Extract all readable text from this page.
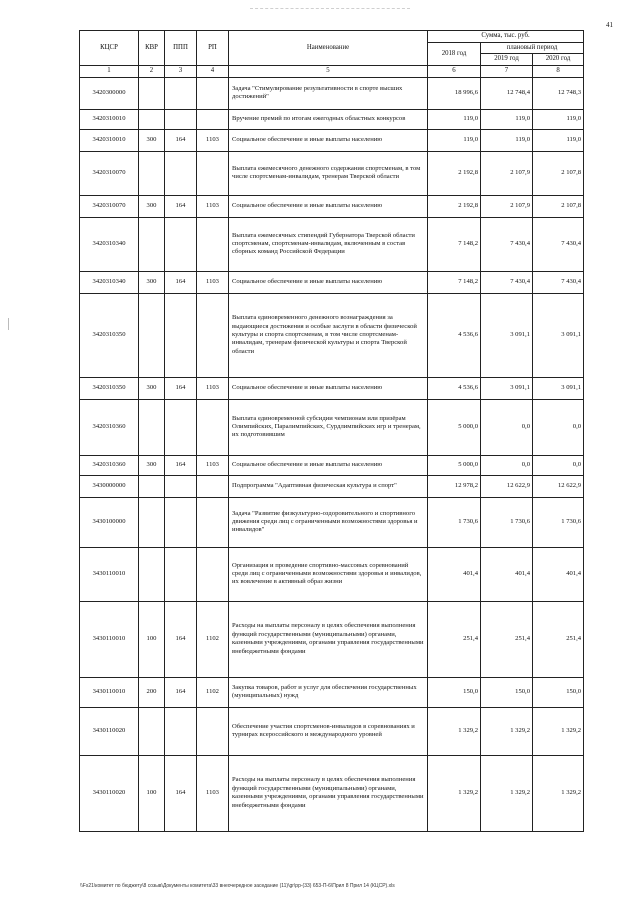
41
КЦСР	КВР	ППП	РП	Наименование	Сумма, тыс. руб.		
					2018 год	плановый период	
						2019 год	2020 год
1	2	3	4	5	6	7	8
3420300000				Задача "Стимулирование результативности в спорте высших достижений"	18 996,6	12 748,4	12 748,3
3420310010				Вручение премий по итогам ежегодных областных конкурсов	119,0	119,0	119,0
3420310010	300	164	1103	Социальное обеспечение и иные выплаты населению	119,0	119,0	119,0
3420310070				Выплата ежемесячного денежного содержания спортсменам, в том числе спортсменам-инвалидам, тренерам Тверской области	2 192,8	2 107,9	2 107,8
3420310070	300	164	1103	Социальное обеспечение и иные выплаты населению	2 192,8	2 107,9	2 107,8
3420310340				Выплата ежемесячных стипендий Губернатора Тверской области спортсменам, спортсменам-инвалидам, включенным в состав сборных команд Российской Федерации	7 148,2	7 430,4	7 430,4
3420310340	300	164	1103	Социальное обеспечение и иные выплаты населению	7 148,2	7 430,4	7 430,4
3420310350				Выплата единовременного денежного вознаграждения за выдающиеся достижения и особые заслуги в области физической культуры и спорта спортсменам, в том числе спортсменам-инвалидам, тренерам физической культуры и спорта Тверской области	4 536,6	3 091,1	3 091,1
3420310350	300	164	1103	Социальное обеспечение и иные выплаты населению	4 536,6	3 091,1	3 091,1
3420310360				Выплата единовременной субсидии чемпионам или призёрам Олимпийских, Паралимпийских, Сурдлимпийских игр и тренерам, их подготовившим	5 000,0	0,0	0,0
3420310360	300	164	1103	Социальное обеспечение и иные выплаты населению	5 000,0	0,0	0,0
3430000000				Подпрограмма "Адаптивная физическая культура и спорт"	12 978,2	12 622,9	12 622,9
3430100000				Задача "Развитие физкультурно-оздоровительного и спортивного движения среди лиц с ограниченными возможностями здоровья и инвалидов"	1 730,6	1 730,6	1 730,6
3430110010				Организация и проведение спортивно-массовых соревнований среди лиц с ограниченными возможностями здоровья и инвалидов, их вовлечение в активный образ жизни	401,4	401,4	401,4
3430110010	100	164	1102	Расходы на выплаты персоналу в целях обеспечения выполнения функций государственными (муниципальными) органами, казенными учреждениями, органами управления государственными внебюджетными фондами	251,4	251,4	251,4
3430110010	200	164	1102	Закупка товаров, работ и услуг для обеспечения государственных (муниципальных) нужд	150,0	150,0	150,0
3430110020				Обеспечение участия спортсменов-инвалидов в соревнованиях и турнирах всероссийского и международного уровней	1 329,2	1 329,2	1 329,2
3430110020	100	164	1103	Расходы на выплаты персоналу в целях обеспечения выполнения функций государственными (муниципальными) органами, казенными учреждениями, органами управления государственными внебюджетными фондами	1 329,2	1 329,2	1 329,2
\\Fs21\комитет по бюджету\8 созыв\Документы комитета\33 внеочередное заседание (11)\gr\pp-(33) 653-П-6\Прил 8 Прил 14 (КЦСР).xls
